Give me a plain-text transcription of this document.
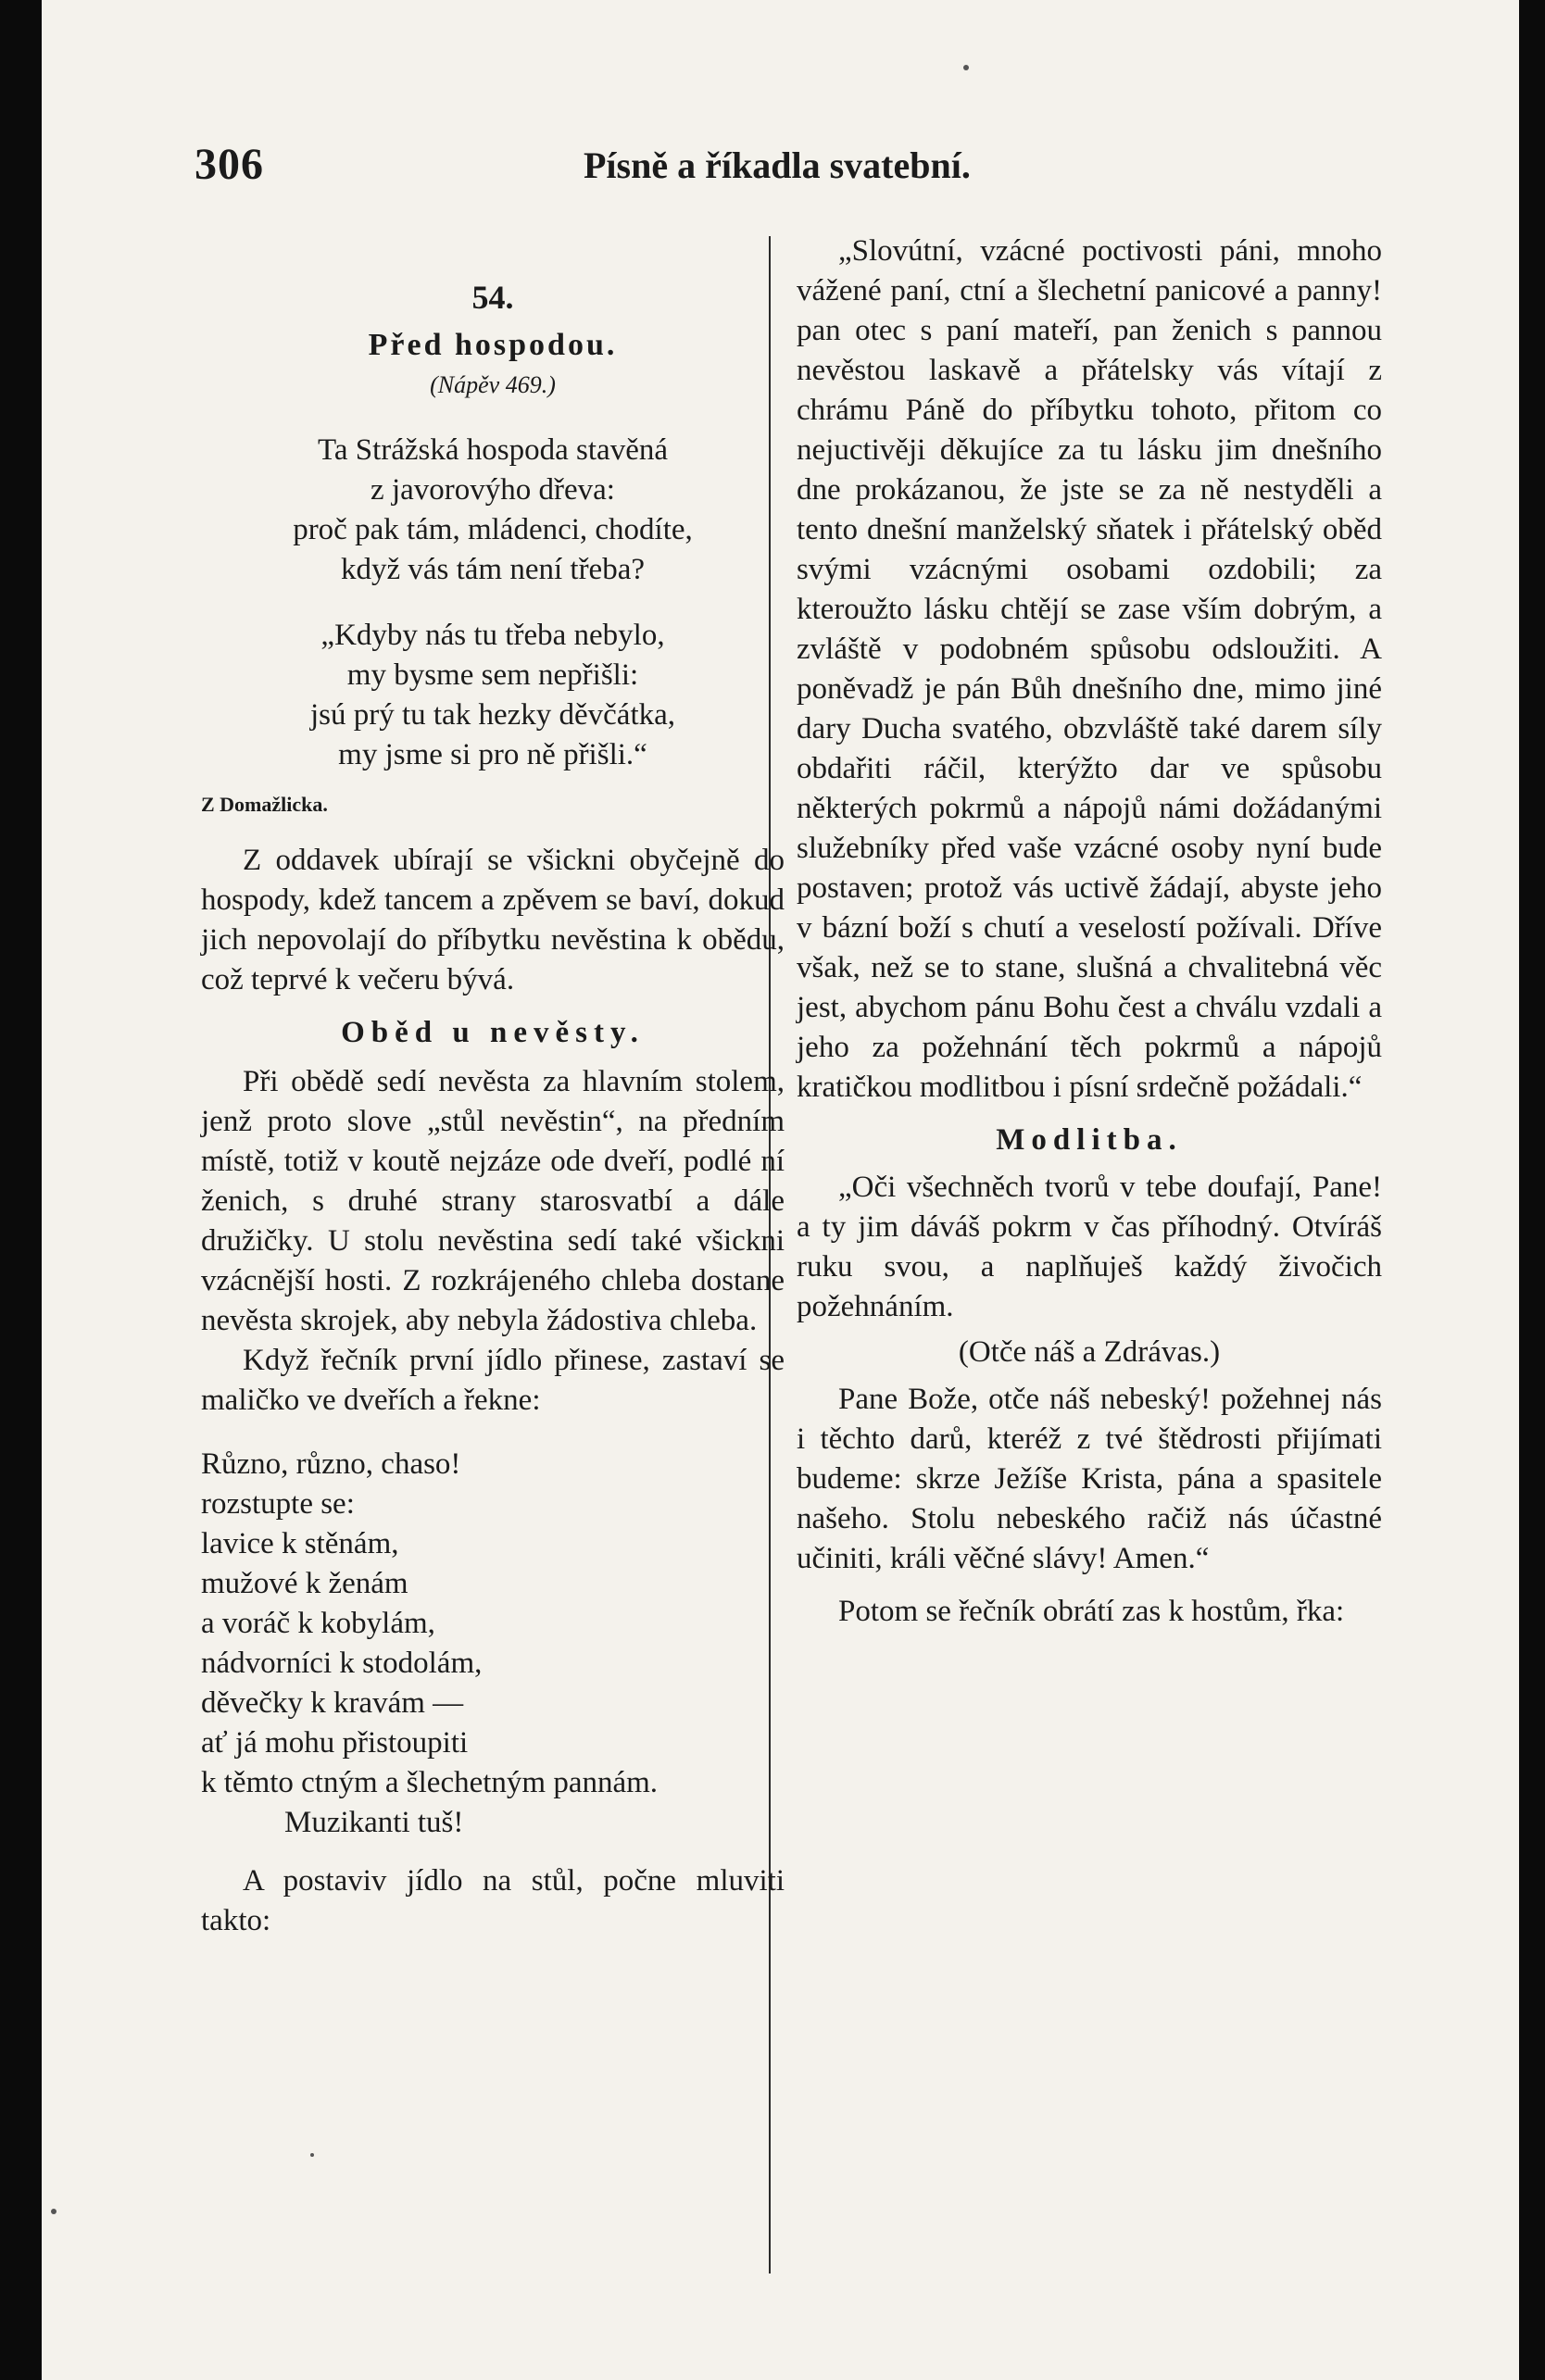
306	Písně a říkadla svatební.
54.
Před hospodou.
(Nápěv 469.)
Ta Strážská hospoda stavěná
z javorovýho dřeva:
proč pak tám, mládenci, chodíte,
když vás tám není třeba?
„Kdyby nás tu třeba nebylo,
my bysme sem nepřišli:
jsú prý tu tak hezky děvčátka,
my jsme si pro ně přišli.“
Z Domažlicka.
Z oddavek ubírají se všickni obyčejně do hospody, kdež tancem a zpěvem se baví, dokud jich nepovolají do příbytku nevěstina k obědu, což teprvé k večeru bývá.
Oběd u nevěsty.
Při obědě sedí nevěsta za hlavním stolem, jenž proto slove „stůl nevěstin“, na předním místě, totiž v koutě nejzáze ode dveří, podlé ní ženich, s druhé strany starosvatbí a dále družičky. U stolu nevěstina sedí také všickni vzácnější hosti. Z rozkrájeného chleba dostane nevěsta skrojek, aby nebyla žádostiva chleba.
Když řečník první jídlo přinese, zastaví se maličko ve dveřích a řekne:
Různo, různo, chaso!
rozstupte se:
lavice k stěnám,
mužové k ženám
a voráč k kobylám,
nádvorníci k stodolám,
děvečky k kravám —
ať já mohu přistoupiti
k těmto ctným a šlechetným pannám.
Muzikanti tuš!
A postaviv jídlo na stůl, počne mluviti takto:
„Slovútní, vzácné poctivosti páni, mnoho vážené paní, ctní a šlechetní panicové a panny! pan otec s paní mateří, pan ženich s pannou nevěstou laskavě a přátelsky vás vítají z chrámu Páně do příbytku tohoto, přitom co nejuctivěji děkujíce za tu lásku jim dnešního dne prokázanou, že jste se za ně nestyděli a tento dnešní manželský sňatek i přátelský oběd svými vzácnými osobami ozdobili; za kteroužto lásku chtějí se zase vším dobrým, a zvláště v podobném spůsobu odsloužiti. A poněvadž je pán Bůh dnešního dne, mimo jiné dary Ducha svatého, obzvláště také darem síly obdařiti ráčil, kterýžto dar ve spůsobu některých pokrmů a nápojů námi dožádanými služebníky před vaše vzácné osoby nyní bude postaven; protož vás uctivě žádají, abyste jeho v bázní boží s chutí a veselostí požívali. Dříve však, než se to stane, slušná a chvalitebná věc jest, abychom pánu Bohu čest a chválu vzdali a jeho za požehnání těch pokrmů a nápojů kratičkou modlitbou i písní srdečně požádali.“
Modlitba.
„Oči všechněch tvorů v tebe doufají, Pane! a ty jim dáváš pokrm v čas příhodný. Otvíráš ruku svou, a naplňuješ každý živočich požehnáním.
(Otče náš a Zdrávas.)
Pane Bože, otče náš nebeský! požehnej nás i těchto darů, kteréž z tvé štědrosti přijímati budeme: skrze Ježíše Krista, pána a spasitele našeho. Stolu nebeského račiž nás účastné učiniti, králi věčné slávy! Amen.“
Potom se řečník obrátí zas k hostům, řka:
